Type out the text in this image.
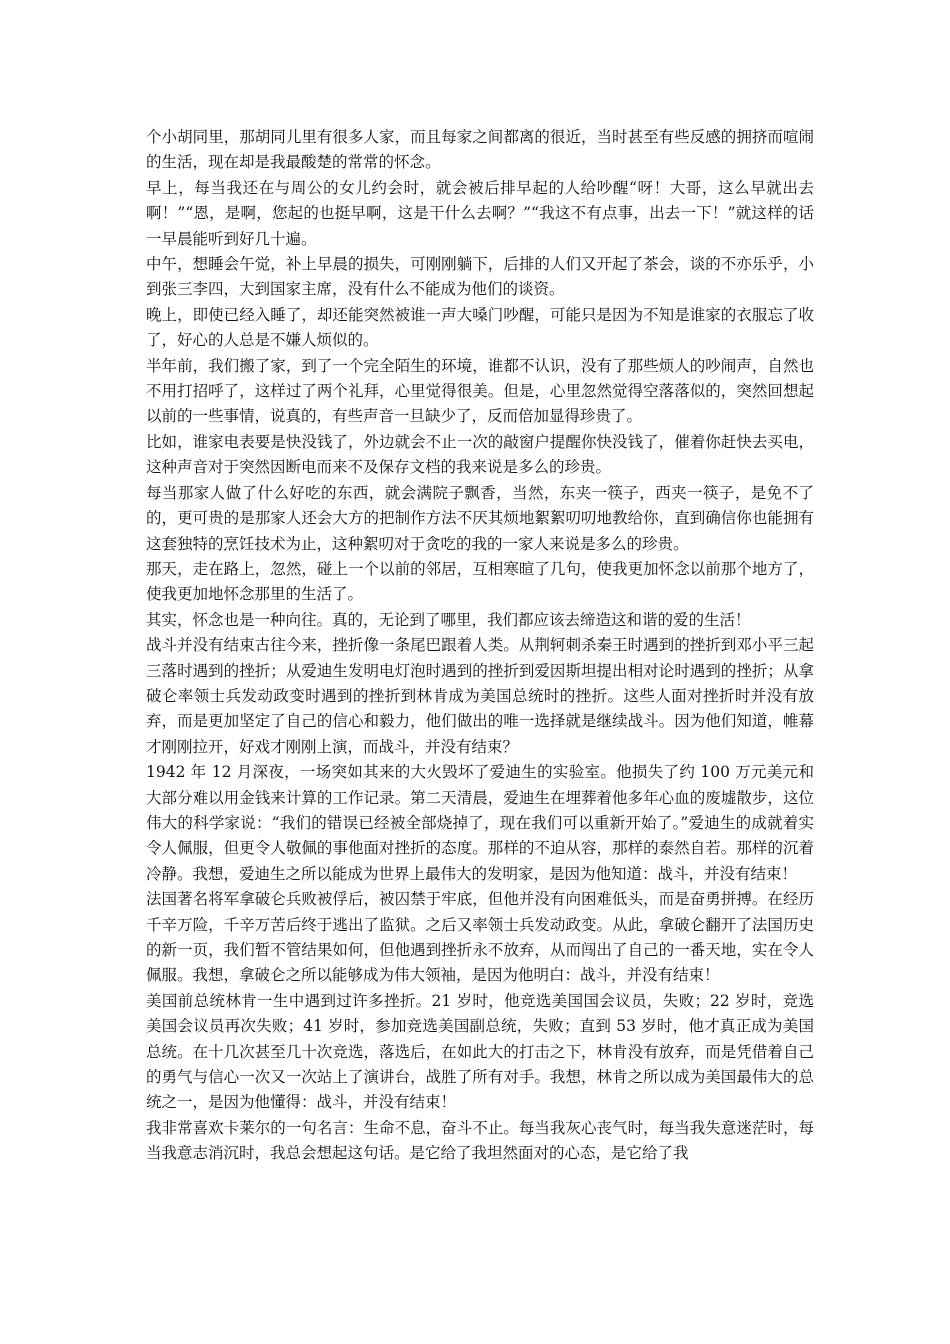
个小胡同里，那胡同儿里有很多人家，而且每家之间都离的很近，当时甚至有些反感的拥挤而喧闹的生活，现在却是我最酸楚的常常的怀念。

早上，每当我还在与周公的女儿约会时，就会被后排早起的人给吵醒“呀！大哥，这么早就出去啊！”“恩，是啊，您起的也挺早啊，这是干什么去啊？”“我这不有点事，出去一下！”就这样的话一早晨能听到好几十遍。

中午，想睡会午觉，补上早晨的损失，可刚刚躺下，后排的人们又开起了茶会，谈的不亦乐乎，小到张三李四，大到国家主席，没有什么不能成为他们的谈资。

晚上，即使已经入睡了，却还能突然被谁一声大嗓门吵醒，可能只是因为不知是谁家的衣服忘了收了，好心的人总是不嫌人烦似的。

半年前，我们搬了家，到了一个完全陌生的环境，谁都不认识，没有了那些烦人的吵闹声，自然也不用打招呼了，这样过了两个礼拜，心里觉得很美。但是，心里忽然觉得空落落似的，突然回想起以前的一些事情，说真的，有些声音一旦缺少了，反而倍加显得珍贵了。

比如，谁家电表要是快没钱了，外边就会不止一次的敲窗户提醒你快没钱了，催着你赶快去买电，这种声音对于突然因断电而来不及保存文档的我来说是多么的珍贵。

每当那家人做了什么好吃的东西，就会满院子飘香，当然，东夹一筷子，西夹一筷子，是免不了的，更可贵的是那家人还会大方的把制作方法不厌其烦地絮絮叨叨地教给你，直到确信你也能拥有这套独特的烹饪技术为止，这种絮叨对于贪吃的我的一家人来说是多么的珍贵。

那天，走在路上，忽然，碰上一个以前的邻居，互相寒暄了几句，使我更加怀念以前那个地方了，使我更加地怀念那里的生活了。

其实，怀念也是一种向往。真的，无论到了哪里，我们都应该去缔造这和谐的爱的生活！

战斗并没有结束古往今来，挫折像一条尾巴跟着人类。从荆轲刺杀秦王时遇到的挫折到邓小平三起三落时遇到的挫折；从爱迪生发明电灯泡时遇到的挫折到爱因斯坦提出相对论时遇到的挫折；从拿破仑率领士兵发动政变时遇到的挫折到林肯成为美国总统时的挫折。这些人面对挫折时并没有放弃，而是更加坚定了自己的信心和毅力，他们做出的唯一选择就是继续战斗。因为他们知道，帷幕才刚刚拉开，好戏才刚刚上演，而战斗，并没有结束？

1942 年 12 月深夜，一场突如其来的大火毁坏了爱迪生的实验室。他损失了约 100 万元美元和大部分难以用金钱来计算的工作记录。第二天清晨，爱迪生在埋葬着他多年心血的废墟散步，这位伟大的科学家说：“我们的错误已经被全部烧掉了，现在我们可以重新开始了。”爱迪生的成就着实令人佩服，但更令人敬佩的事他面对挫折的态度。那样的不迫从容，那样的泰然自若。那样的沉着冷静。我想，爱迪生之所以能成为世界上最伟大的发明家，是因为他知道：战斗，并没有结束！

法国著名将军拿破仑兵败被俘后，被囚禁于牢底，但他并没有向困难低头，而是奋勇拼搏。在经历千辛万险，千辛万苦后终于逃出了监狱。之后又率领士兵发动政变。从此，拿破仑翻开了法国历史的新一页，我们暂不管结果如何，但他遇到挫折永不放弃，从而闯出了自己的一番天地，实在令人佩服。我想，拿破仑之所以能够成为伟大领袖，是因为他明白：战斗，并没有结束！

美国前总统林肯一生中遇到过许多挫折。21 岁时，他竞选美国国会议员，失败；22 岁时，竞选美国会议员再次失败；41 岁时，参加竞选美国副总统，失败；直到 53 岁时，他才真正成为美国总统。在十几次甚至几十次竞选，落选后，在如此大的打击之下，林肯没有放弃，而是凭借着自己的勇气与信心一次又一次站上了演讲台，战胜了所有对手。我想，林肯之所以成为美国最伟大的总统之一，是因为他懂得：战斗，并没有结束！

我非常喜欢卡莱尔的一句名言：生命不息，奋斗不止。每当我灰心丧气时，每当我失意迷茫时，每当我意志消沉时，我总会想起这句话。是它给了我坦然面对的心态，是它给了我
